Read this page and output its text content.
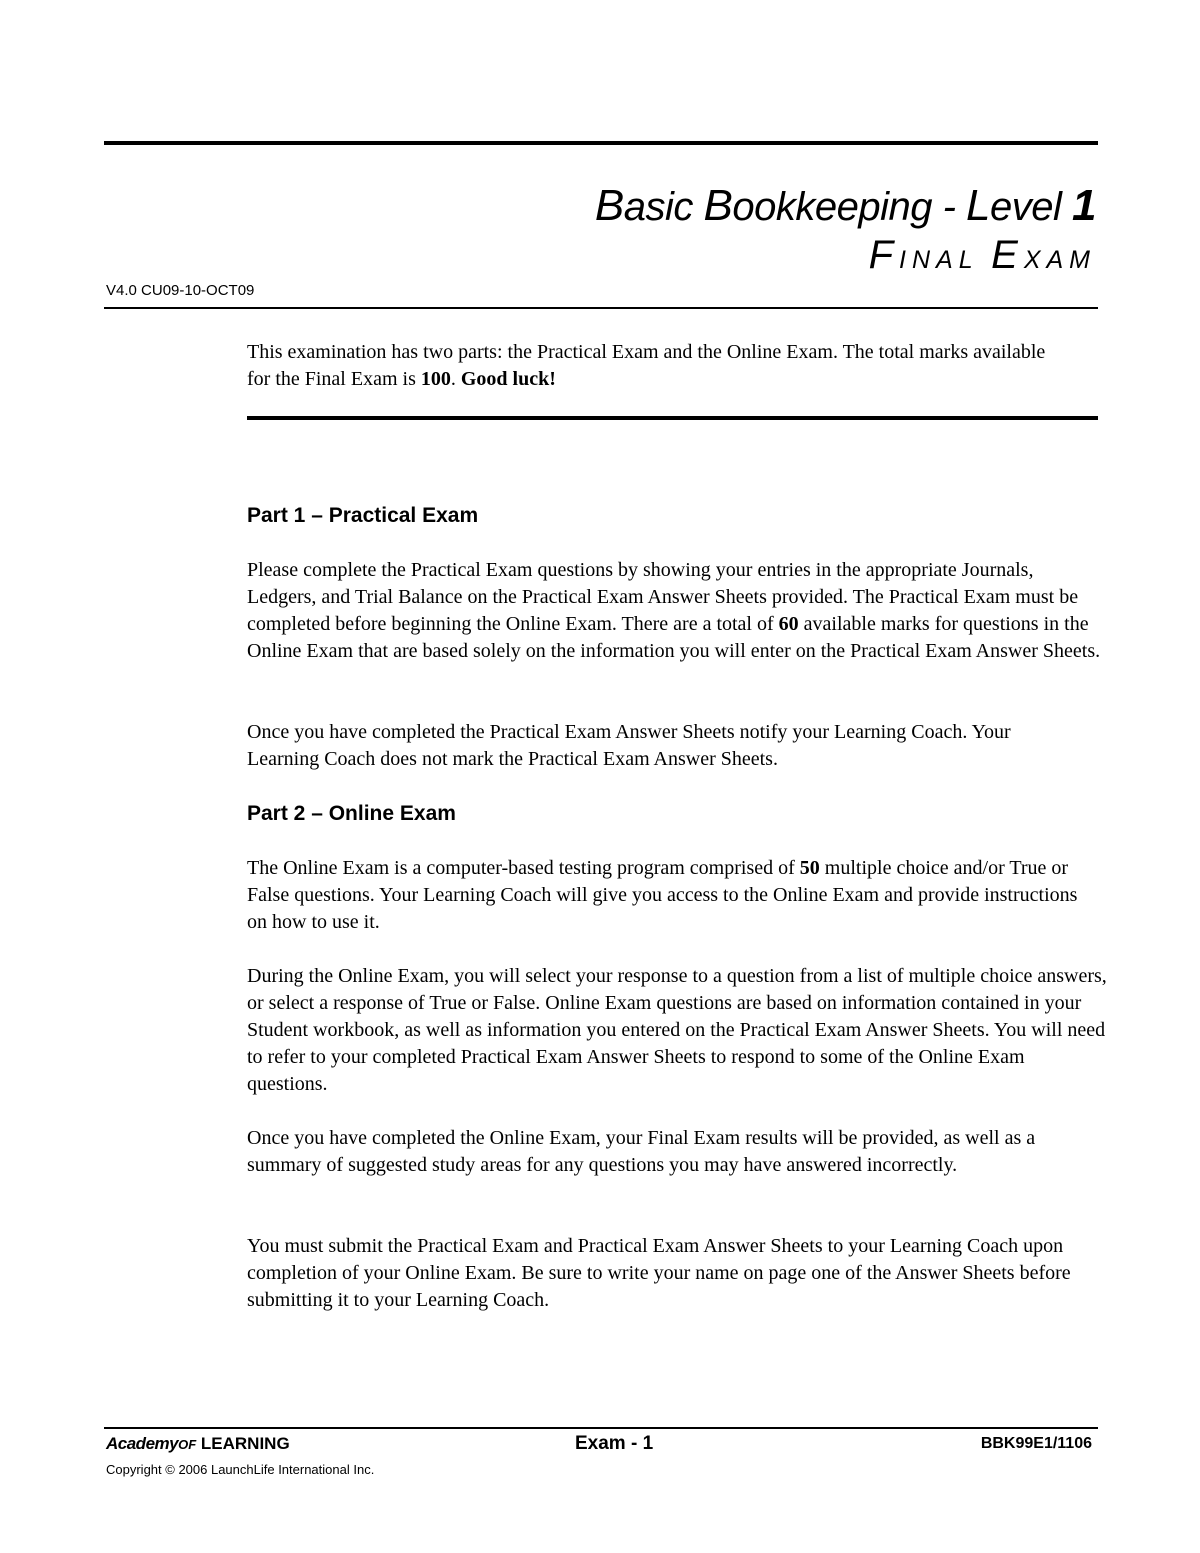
Basic Bookkeeping - Level 1
FINAL EXAM
V4.0 CU09-10-OCT09
This examination has two parts: the Practical Exam and the Online Exam. The total marks available for the Final Exam is 100. Good luck!
Part 1 – Practical Exam

Please complete the Practical Exam questions by showing your entries in the appropriate Journals, Ledgers, and Trial Balance on the Practical Exam Answer Sheets provided. The Practical Exam must be completed before beginning the Online Exam. There are a total of 60 available marks for questions in the Online Exam that are based solely on the information you will enter on the Practical Exam Answer Sheets.

Once you have completed the Practical Exam Answer Sheets notify your Learning Coach. Your Learning Coach does not mark the Practical Exam Answer Sheets.

Part 2 – Online Exam

The Online Exam is a computer-based testing program comprised of 50 multiple choice and/or True or False questions. Your Learning Coach will give you access to the Online Exam and provide instructions on how to use it.

During the Online Exam, you will select your response to a question from a list of multiple choice answers, or select a response of True or False. Online Exam questions are based on information contained in your Student workbook, as well as information you entered on the Practical Exam Answer Sheets. You will need to refer to your completed Practical Exam Answer Sheets to respond to some of the Online Exam questions.

Once you have completed the Online Exam, your Final Exam results will be provided, as well as a summary of suggested study areas for any questions you may have answered incorrectly.

You must submit the Practical Exam and Practical Exam Answer Sheets to your Learning Coach upon completion of your Online Exam. Be sure to write your name on page one of the Answer Sheets before submitting it to your Learning Coach.

AcademyOF LEARNING	Exam - 1	BBK99E1/1106
Copyright © 2006 LaunchLife International Inc.
